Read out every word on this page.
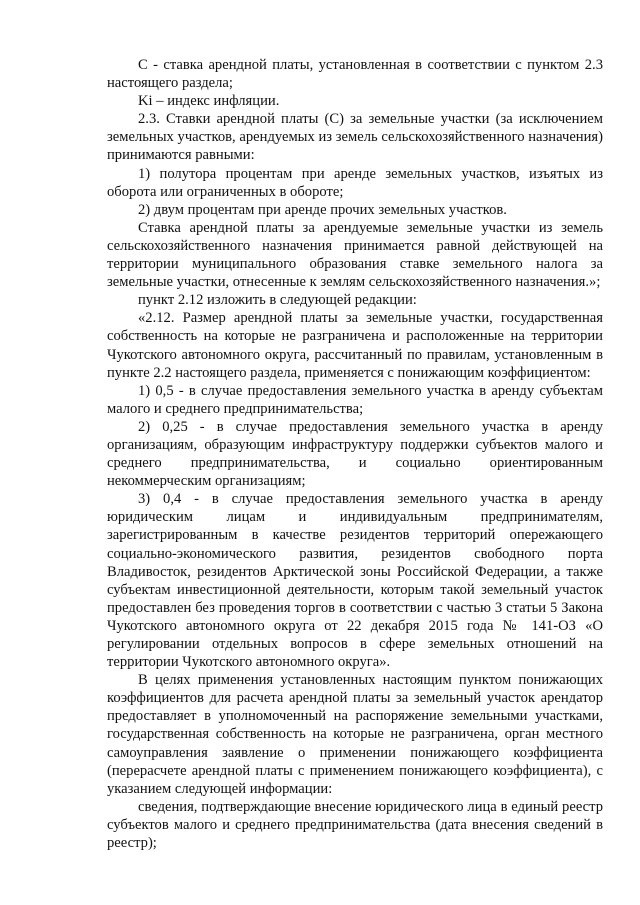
С - ставка арендной платы, установленная в соответствии с пунктом 2.3 настоящего раздела;

Ki – индекс инфляции.

2.3. Ставки арендной платы (С) за земельные участки (за исключением земельных участков, арендуемых из земель сельскохозяйственного назначения) принимаются равными:

1) полутора процентам при аренде земельных участков, изъятых из оборота или ограниченных в обороте;

2) двум процентам при аренде прочих земельных участков.

Ставка арендной платы за арендуемые земельные участки из земель сельскохозяйственного назначения принимается равной действующей на территории муниципального образования ставке земельного налога за земельные участки, отнесенные к землям сельскохозяйственного назначения.»;

пункт 2.12 изложить в следующей редакции:

«2.12. Размер арендной платы за земельные участки, государственная собственность на которые не разграничена и расположенные на территории Чукотского автономного округа, рассчитанный по правилам, установленным в пункте 2.2 настоящего раздела, применяется с понижающим коэффициентом:

1) 0,5 - в случае предоставления земельного участка в аренду субъектам малого и среднего предпринимательства;

2) 0,25 - в случае предоставления земельного участка в аренду организациям, образующим инфраструктуру поддержки субъектов малого и среднего предпринимательства, и социально ориентированным некоммерческим организациям;

3) 0,4 - в случае предоставления земельного участка в аренду юридическим лицам и индивидуальным предпринимателям, зарегистрированным в качестве резидентов территорий опережающего социально-экономического развития, резидентов свободного порта Владивосток, резидентов Арктической зоны Российской Федерации, а также субъектам инвестиционной деятельности, которым такой земельный участок предоставлен без проведения торгов в соответствии с частью 3 статьи 5 Закона Чукотского автономного округа от 22 декабря 2015 года № 141-ОЗ «О регулировании отдельных вопросов в сфере земельных отношений на территории Чукотского автономного округа».

В целях применения установленных настоящим пунктом понижающих коэффициентов для расчета арендной платы за земельный участок арендатор предоставляет в уполномоченный на распоряжение земельными участками, государственная собственность на которые не разграничена, орган местного самоуправления заявление о применении понижающего коэффициента (перерасчете арендной платы с применением понижающего коэффициента), с указанием следующей информации:

сведения, подтверждающие внесение юридического лица в единый реестр субъектов малого и среднего предпринимательства (дата внесения сведений в реестр);
